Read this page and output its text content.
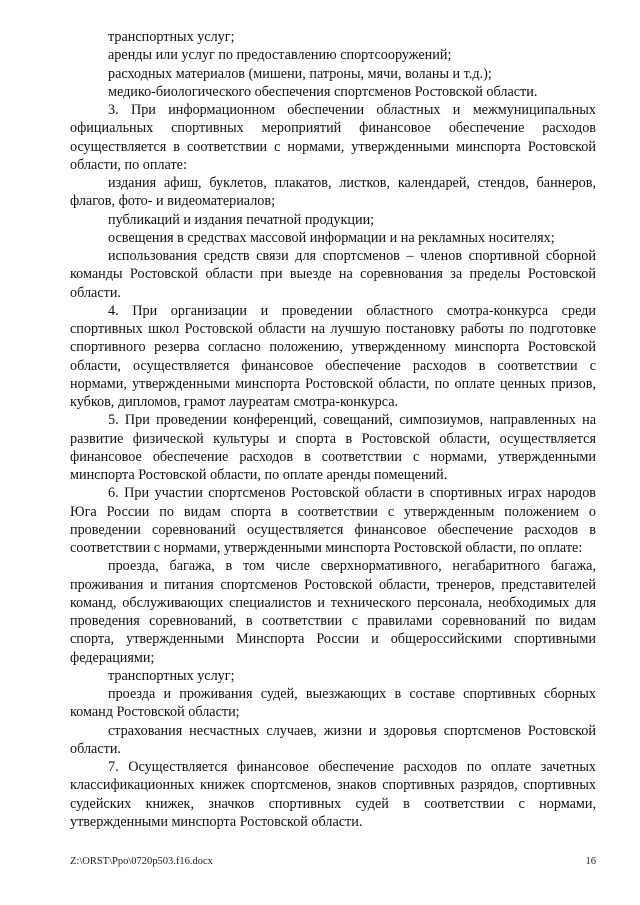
транспортных услуг;

аренды или услуг по предоставлению спортсооружений;

расходных материалов (мишени, патроны, мячи, воланы и т.д.);

медико-биологического обеспечения спортсменов Ростовской области.

3. При информационном обеспечении областных и межмуниципальных официальных спортивных мероприятий финансовое обеспечение расходов осуществляется в соответствии с нормами, утвержденными минспорта Ростовской области, по оплате:

издания афиш, буклетов, плакатов, листков, календарей, стендов, баннеров, флагов, фото- и видеоматериалов;

публикаций и издания печатной продукции;

освещения в средствах массовой информации и на рекламных носителях;

использования средств связи для спортсменов – членов спортивной сборной команды Ростовской области при выезде на соревнования за пределы Ростовской области.

4. При организации и проведении областного смотра-конкурса среди спортивных школ Ростовской области на лучшую постановку работы по подготовке спортивного резерва согласно положению, утвержденному минспорта Ростовской области, осуществляется финансовое обеспечение расходов в соответствии с нормами, утвержденными минспорта Ростовской области, по оплате ценных призов, кубков, дипломов, грамот лауреатам смотра-конкурса.

5. При проведении конференций, совещаний, симпозиумов, направленных на развитие физической культуры и спорта в Ростовской области, осуществляется финансовое обеспечение расходов в соответствии с нормами, утвержденными минспорта Ростовской области, по оплате аренды помещений.

6. При участии спортсменов Ростовской области в спортивных играх народов Юга России по видам спорта в соответствии с утвержденным положением о проведении соревнований осуществляется финансовое обеспечение расходов в соответствии с нормами, утвержденными минспорта Ростовской области, по оплате:

проезда, багажа, в том числе сверхнормативного, негабаритного багажа, проживания и питания спортсменов Ростовской области, тренеров, представителей команд, обслуживающих специалистов и технического персонала, необходимых для проведения соревнований, в соответствии с правилами соревнований по видам спорта, утвержденными Минспорта России и общероссийскими спортивными федерациями;

транспортных услуг;

проезда и проживания судей, выезжающих в составе спортивных сборных команд Ростовской области;

страхования несчастных случаев, жизни и здоровья спортсменов Ростовской области.

7. Осуществляется финансовое обеспечение расходов по оплате зачетных классификационных книжек спортсменов, знаков спортивных разрядов, спортивных судейских книжек, значков спортивных судей в соответствии с нормами, утвержденными минспорта Ростовской области.

Z:\ORST\Ppo\0720p503.f16.docx	16
